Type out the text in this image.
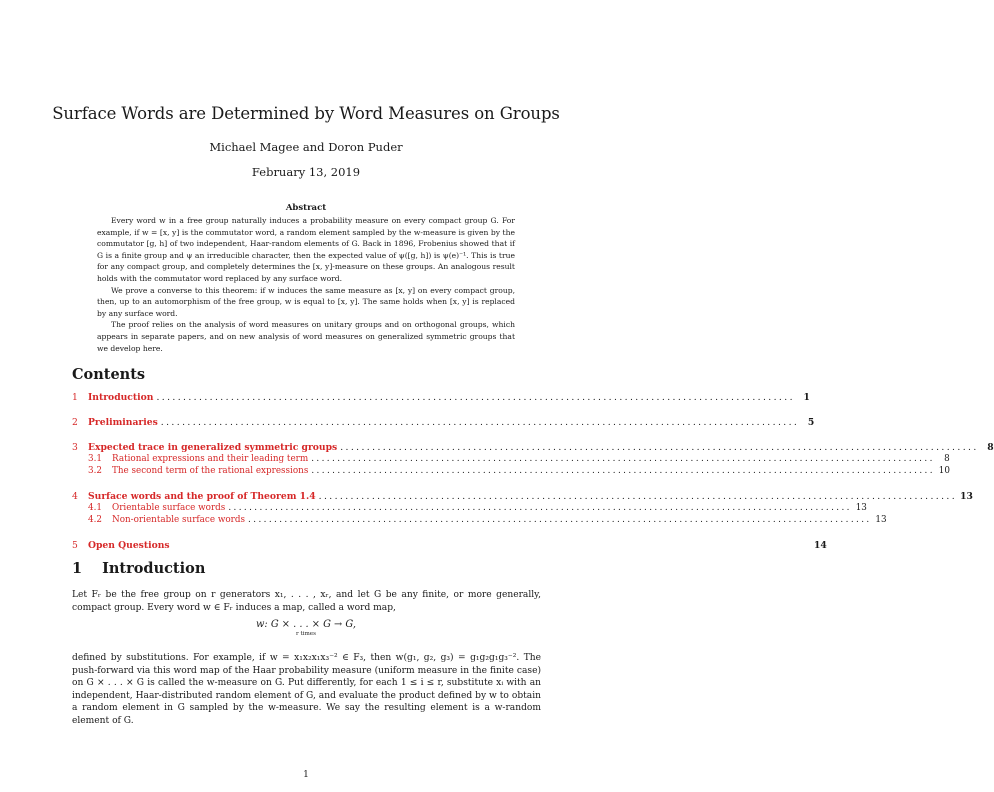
Surface Words are Determined by Word Measures on Groups
Michael Magee and Doron Puder
February 13, 2019
Abstract

Every word w in a free group naturally induces a probability measure on every compact group G. For example, if w = [x, y] is the commutator word, a random element sampled by the w-measure is given by the commutator [g, h] of two independent, Haar-random elements of G. Back in 1896, Frobenius showed that if G is a finite group and ψ an irreducible character, then the expected value of ψ([g, h]) is ψ(e)⁻¹. This is true for any compact group, and completely determines the [x, y]-measure on these groups. An analogous result holds with the commutator word replaced by any surface word.

We prove a converse to this theorem: if w induces the same measure as [x, y] on every compact group, then, up to an automorphism of the free group, w is equal to [x, y]. The same holds when [x, y] is replaced by any surface word.

The proof relies on the analysis of word measures on unitary groups and on orthogonal groups, which appears in separate papers, and on new analysis of word measures on generalized symmetric groups that we develop here.

Contents
1	Introduction ........................................................................................................................ 1
2	Preliminaries ........................................................................................................................ 5
3	Expected trace in generalized symmetric groups ........................................................................................................................ 8
3.1	Rational expressions and their leading term ........................................................................................................................	8
3.2	The second term of the rational expressions ........................................................................................................................ 10
4	Surface words and the proof of Theorem 1.4 ........................................................................................................................ 13
4.1	Orientable surface words ........................................................................................................................ 13
4.2	Non-orientable surface words ........................................................................................................................ 13
5	Open Questions	14
1 Introduction

Let Fᵣ be the free group on r generators x₁, . . . , xᵣ, and let G be any finite, or more generally, compact group. Every word w ∈ Fᵣ induces a map, called a word map,

w: G × . . . × G → G,
r times

defined by substitutions. For example, if w = x₁x₂x₁x₃⁻² ∈ F₃, then w(g₁, g₂, g₃) = g₁g₂g₁g₃⁻². The push-forward via this word map of the Haar probability measure (uniform measure in the finite case) on G × . . . × G is called the w-measure on G. Put differently, for each 1 ≤ i ≤ r, substitute xᵢ with an independent, Haar-distributed random element of G, and evaluate the product defined by w to obtain a random element in G sampled by the w-measure. We say the resulting element is a w-random element of G.

1
